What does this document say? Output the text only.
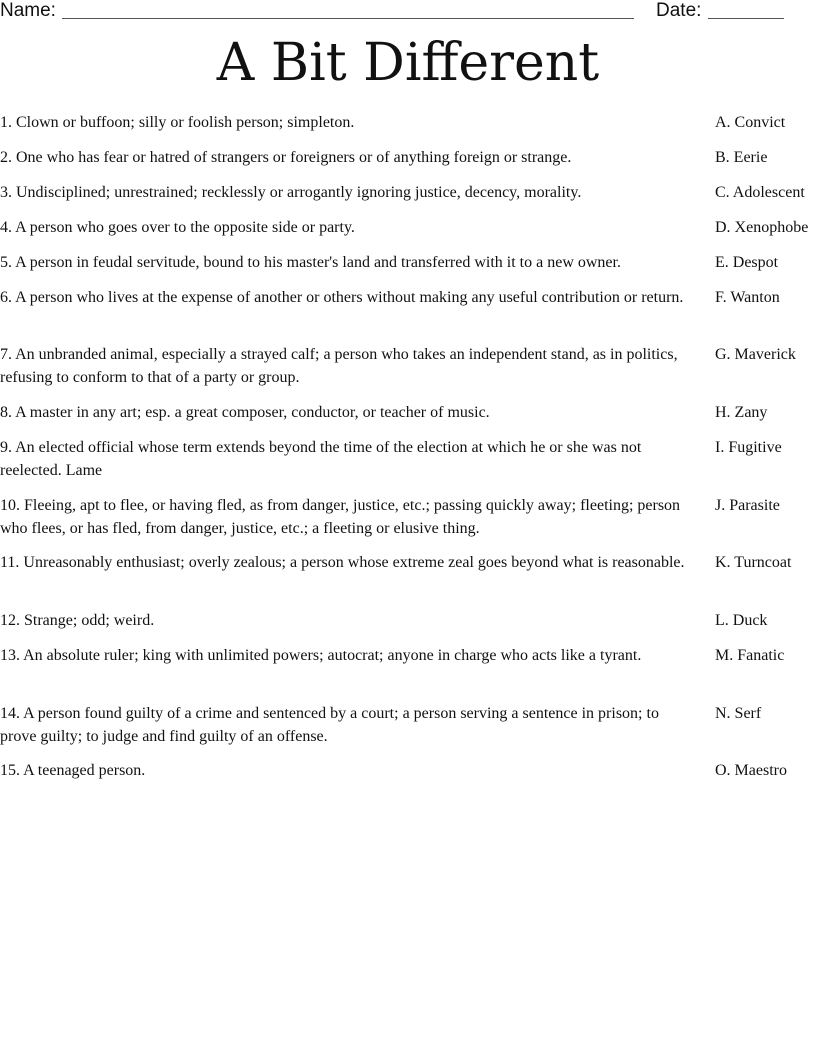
Name:	Date:
A Bit Different
1. Clown or buffoon; silly or foolish person; simpleton.	A. Convict
2. One who has fear or hatred of strangers or foreigners or of anything foreign or strange.	B. Eerie
3. Undisciplined; unrestrained; recklessly or arrogantly ignoring justice, decency, morality.	C. Adolescent
4. A person who goes over to the opposite side or party.	D. Xenophobe
5. A person in feudal servitude, bound to his master's land and transferred with it to a new owner.	E. Despot
6. A person who lives at the expense of another or others without making any useful contribution or return.	F. Wanton
7. An unbranded animal, especially a strayed calf; a person who takes an independent stand, as in politics, refusing to conform to that of a party or group.
G. Maverick
8. A master in any art; esp. a great composer, conductor, or teacher of music.	H. Zany
9. An elected official whose term extends beyond the time of the election at which he or she was not reelected. Lame
I. Fugitive
10. Fleeing, apt to flee, or having fled, as from danger, justice, etc.; passing quickly away; fleeting; person who flees, or has fled, from danger, justice, etc.; a fleeting or elusive thing.
J. Parasite
11. Unreasonably enthusiast; overly zealous; a person whose extreme zeal goes beyond what is reasonable.	K. Turncoat
12. Strange; odd; weird.	L. Duck
13. An absolute ruler; king with unlimited powers; autocrat; anyone in charge who acts like a tyrant.	M. Fanatic
14. A person found guilty of a crime and sentenced by a court; a person serving a sentence in prison; to prove guilty; to judge and find guilty of an offense.
N. Serf
15. A teenaged person.	O. Maestro
